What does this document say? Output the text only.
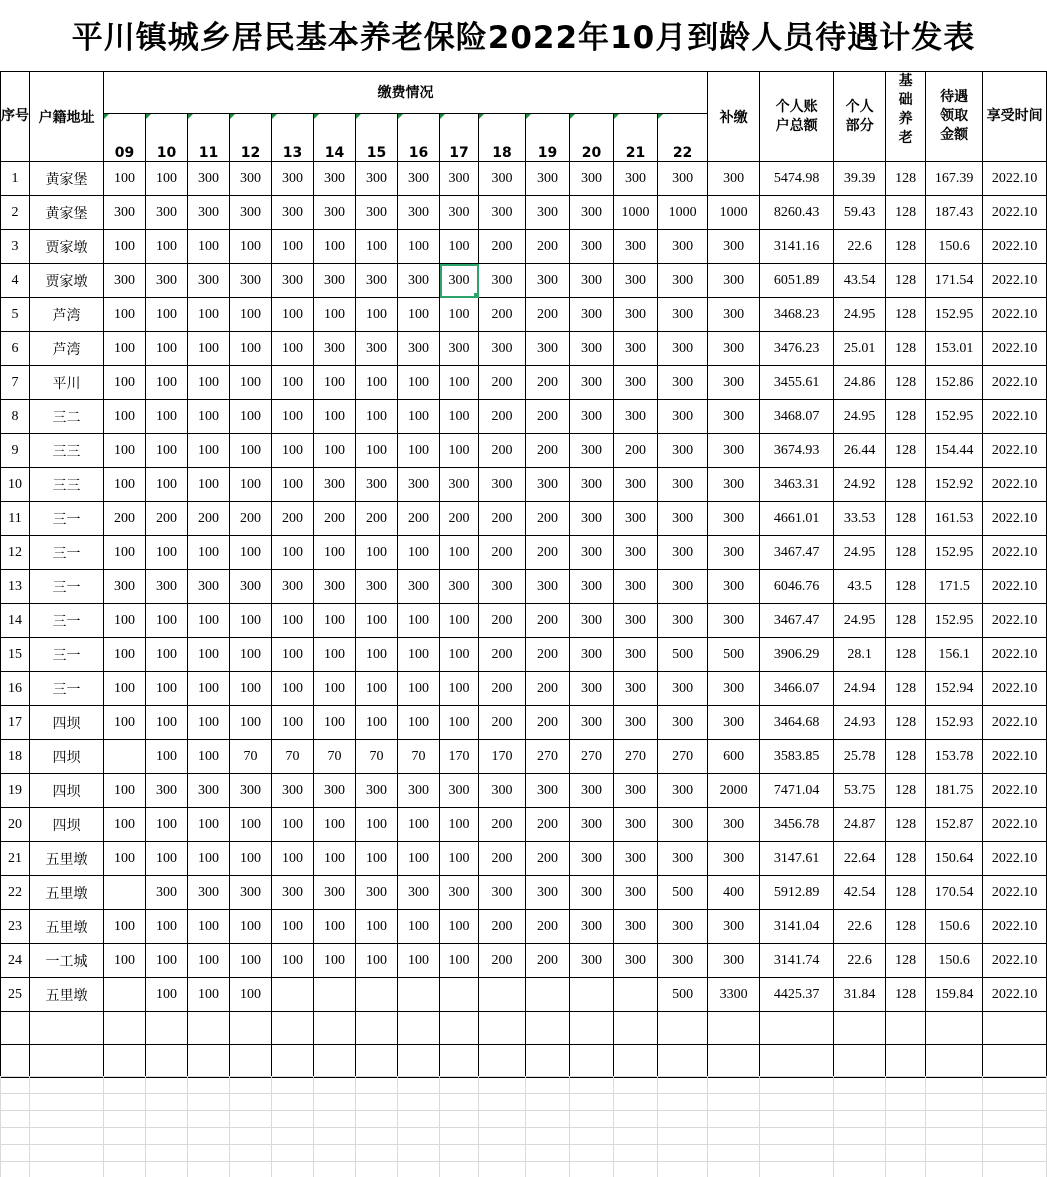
平川镇城乡居民基本养老保险2022年10月到龄人员待遇计发表
序号	户籍地址	缴费情况														补缴	个人账户总额	个人部分	基础养老	待遇领取金额	享受时间
		09	10	11	12	13	14	15	16	17	18	19	20	21	22						
1	黄家堡	100	100	300	300	300	300	300	300	300	300	300	300	300	300	300	5474.98	39.39	128	167.39	2022.10
2	黄家堡	300	300	300	300	300	300	300	300	300	300	300	300	1000	1000	1000	8260.43	59.43	128	187.43	2022.10
3	贾家墩	100	100	100	100	100	100	100	100	100	200	200	300	300	300	300	3141.16	22.6	128	150.6	2022.10
4	贾家墩	300	300	300	300	300	300	300	300	300	300	300	300	300	300	300	6051.89	43.54	128	171.54	2022.10
5	芦湾	100	100	100	100	100	100	100	100	100	200	200	300	300	300	300	3468.23	24.95	128	152.95	2022.10
6	芦湾	100	100	100	100	100	300	300	300	300	300	300	300	300	300	300	3476.23	25.01	128	153.01	2022.10
7	平川	100	100	100	100	100	100	100	100	100	200	200	300	300	300	300	3455.61	24.86	128	152.86	2022.10
8	三二	100	100	100	100	100	100	100	100	100	200	200	300	300	300	300	3468.07	24.95	128	152.95	2022.10
9	三三	100	100	100	100	100	100	100	100	100	200	200	300	200	300	300	3674.93	26.44	128	154.44	2022.10
10	三三	100	100	100	100	100	300	300	300	300	300	300	300	300	300	300	3463.31	24.92	128	152.92	2022.10
11	三一	200	200	200	200	200	200	200	200	200	200	200	300	300	300	300	4661.01	33.53	128	161.53	2022.10
12	三一	100	100	100	100	100	100	100	100	100	200	200	300	300	300	300	3467.47	24.95	128	152.95	2022.10
13	三一	300	300	300	300	300	300	300	300	300	300	300	300	300	300	300	6046.76	43.5	128	171.5	2022.10
14	三一	100	100	100	100	100	100	100	100	100	200	200	300	300	300	300	3467.47	24.95	128	152.95	2022.10
15	三一	100	100	100	100	100	100	100	100	100	200	200	300	300	500	500	3906.29	28.1	128	156.1	2022.10
16	三一	100	100	100	100	100	100	100	100	100	200	200	300	300	300	300	3466.07	24.94	128	152.94	2022.10
17	四坝	100	100	100	100	100	100	100	100	100	200	200	300	300	300	300	3464.68	24.93	128	152.93	2022.10
18	四坝		100	100	70	70	70	70	70	170	170	270	270	270	270	600	3583.85	25.78	128	153.78	2022.10
19	四坝	100	300	300	300	300	300	300	300	300	300	300	300	300	300	2000	7471.04	53.75	128	181.75	2022.10
20	四坝	100	100	100	100	100	100	100	100	100	200	200	300	300	300	300	3456.78	24.87	128	152.87	2022.10
21	五里墩	100	100	100	100	100	100	100	100	100	200	200	300	300	300	300	3147.61	22.64	128	150.64	2022.10
22	五里墩		300	300	300	300	300	300	300	300	300	300	300	300	500	400	5912.89	42.54	128	170.54	2022.10
23	五里墩	100	100	100	100	100	100	100	100	100	200	200	300	300	300	300	3141.04	22.6	128	150.6	2022.10
24	一工城	100	100	100	100	100	100	100	100	100	200	200	300	300	300	300	3141.74	22.6	128	150.6	2022.10
25	五里墩		100	100	100										500	3300	4425.37	31.84	128	159.84	2022.10
